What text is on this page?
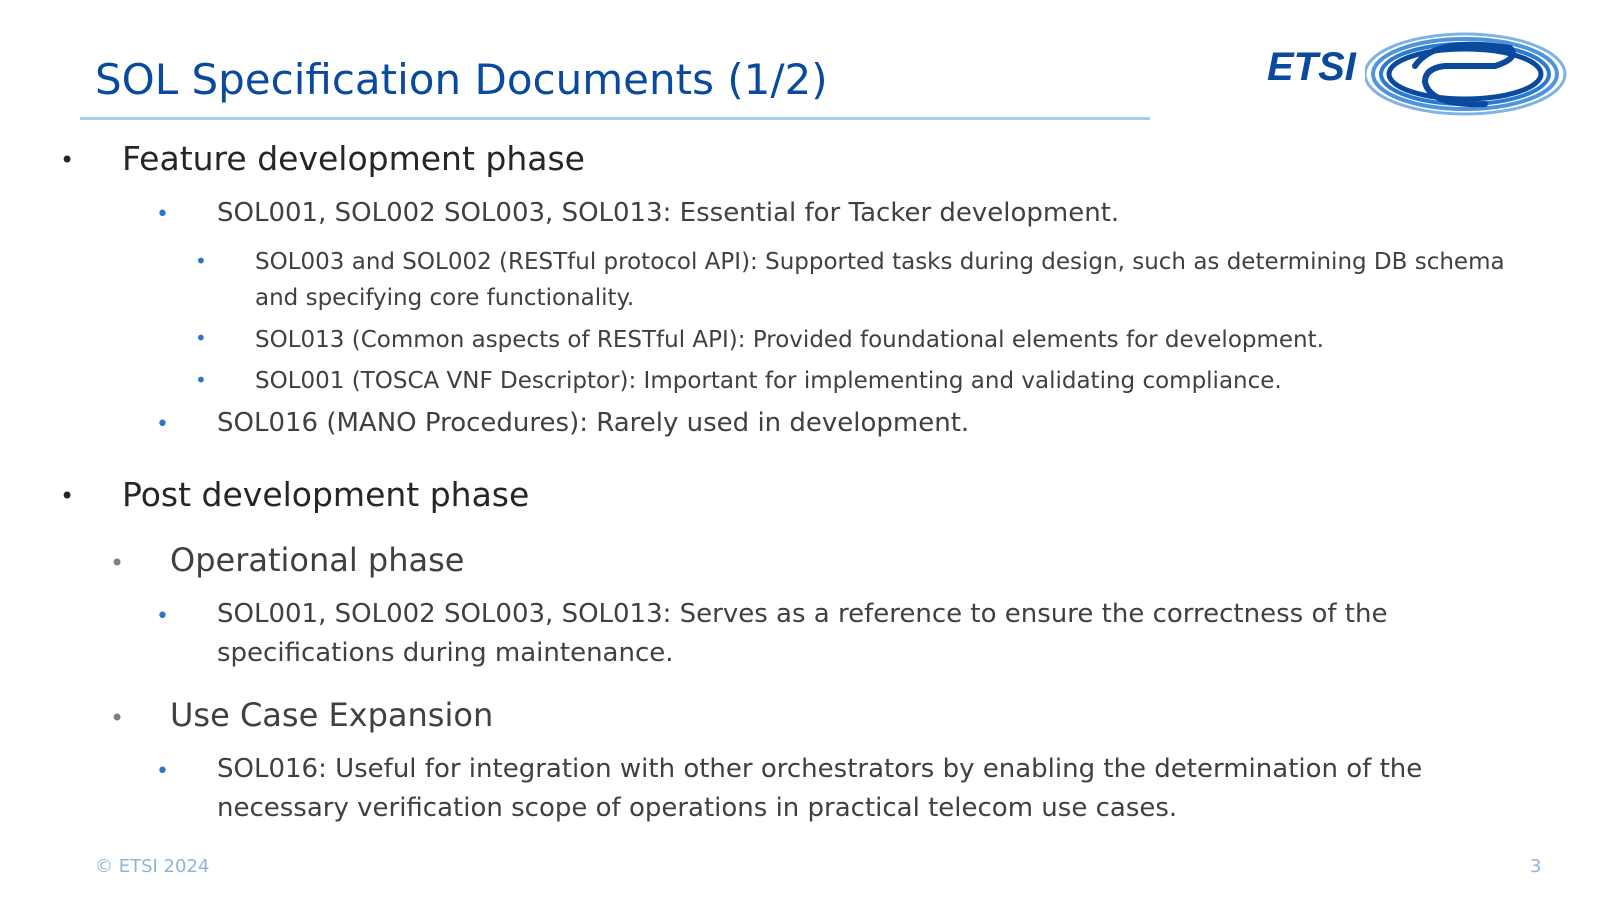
SOL Specification Documents (1/2)	ETSI
• Feature development phase
• SOL001, SOL002 SOL003, SOL013: Essential for Tacker development.
• SOL003 and SOL002 (RESTful protocol API): Supported tasks during design, such as determining DB schema
and specifying core functionality.
• SOL013 (Common aspects of RESTful API): Provided foundational elements for development.
• SOL001 (TOSCA VNF Descriptor): Important for implementing and validating compliance.
• SOL016 (MANO Procedures): Rarely used in development.
• Post development phase
• Operational phase
• SOL001, SOL002 SOL003, SOL013: Serves as a reference to ensure the correctness of the
specifications during maintenance.
• Use Case Expansion
• SOL016: Useful for integration with other orchestrators by enabling the determination of the
necessary verification scope of operations in practical telecom use cases.
© ETSI 2024	3
